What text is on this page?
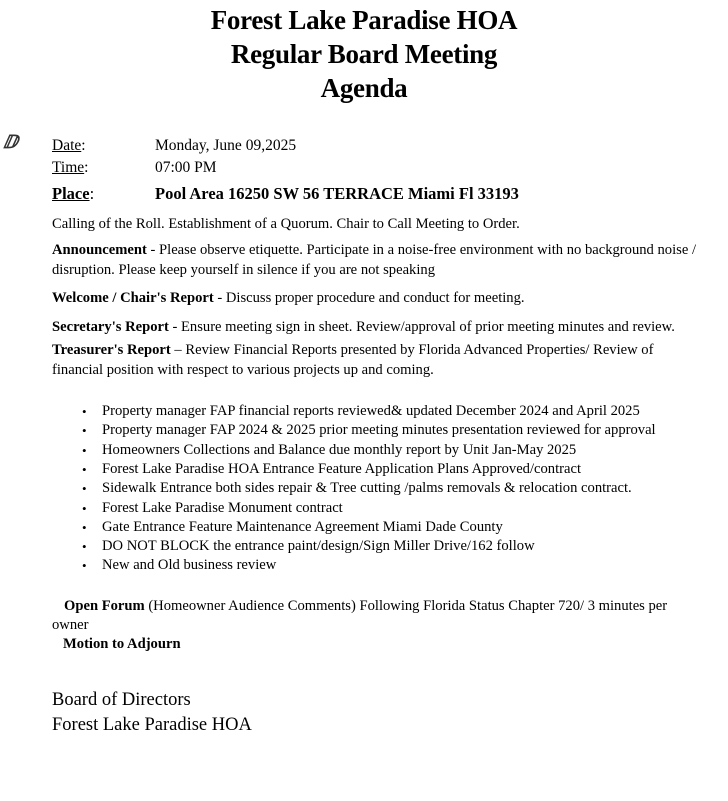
Forest Lake Paradise HOA
Regular Board Meeting
Agenda
ⅅ Date:	Monday, June 09,2025
Time:	07:00 PM
Place:	Pool Area 16250 SW 56 TERRACE Miami Fl 33193

Calling of the Roll. Establishment of a Quorum. Chair to Call Meeting to Order.

Announcement - Please observe etiquette. Participate in a noise-free environment with no background noise / disruption. Please keep yourself in silence if you are not speaking

Welcome / Chair's Report - Discuss proper procedure and conduct for meeting.

Secretary's Report - Ensure meeting sign in sheet. Review/approval of prior meeting minutes and review.

Treasurer's Report – Review Financial Reports presented by Florida Advanced Properties/ Review of financial position with respect to various projects up and coming.

• Property manager FAP financial reports reviewed& updated December 2024 and April 2025
• Property manager FAP 2024 & 2025 prior meeting minutes presentation reviewed for approval
• Homeowners Collections and Balance due monthly report by Unit Jan-May 2025
• Forest Lake Paradise HOA Entrance Feature Application Plans Approved/contract
• Sidewalk Entrance both sides repair & Tree cutting /palms removals & relocation contract.
• Forest Lake Paradise Monument contract
• Gate Entrance Feature Maintenance Agreement Miami Dade County
• DO NOT BLOCK the entrance paint/design/Sign Miller Drive/162 follow
• New and Old business review

Open Forum (Homeowner Audience Comments) Following Florida Status Chapter 720/ 3 minutes per owner

Motion to Adjourn

Board of Directors
Forest Lake Paradise HOA
